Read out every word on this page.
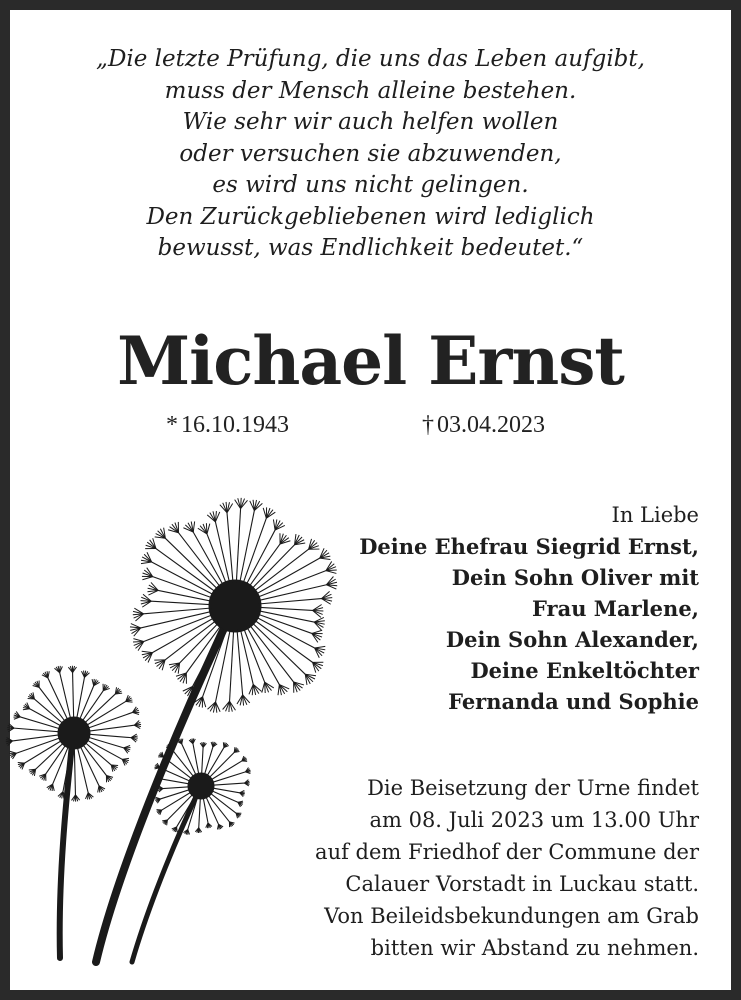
„Die letzte Prüfung, die uns das Leben aufgibt,
muss der Mensch alleine bestehen.
Wie sehr wir auch helfen wollen
oder versuchen sie abzuwenden,
es wird uns nicht gelingen.
Den Zurückgebliebenen wird lediglich
bewusst, was Endlichkeit bedeutet.“
Michael Ernst
* 16.10.1943	† 03.04.2023
In Liebe
Deine Ehefrau Siegrid Ernst,
Dein Sohn Oliver mit
Frau Marlene,
Dein Sohn Alexander,
Deine Enkeltöchter
Fernanda und Sophie
Die Beisetzung der Urne findet
am 08. Juli 2023 um 13.00 Uhr
auf dem Friedhof der Commune der
Calauer Vorstadt in Luckau statt.
Von Beileidsbekundungen am Grab
bitten wir Abstand zu nehmen.
